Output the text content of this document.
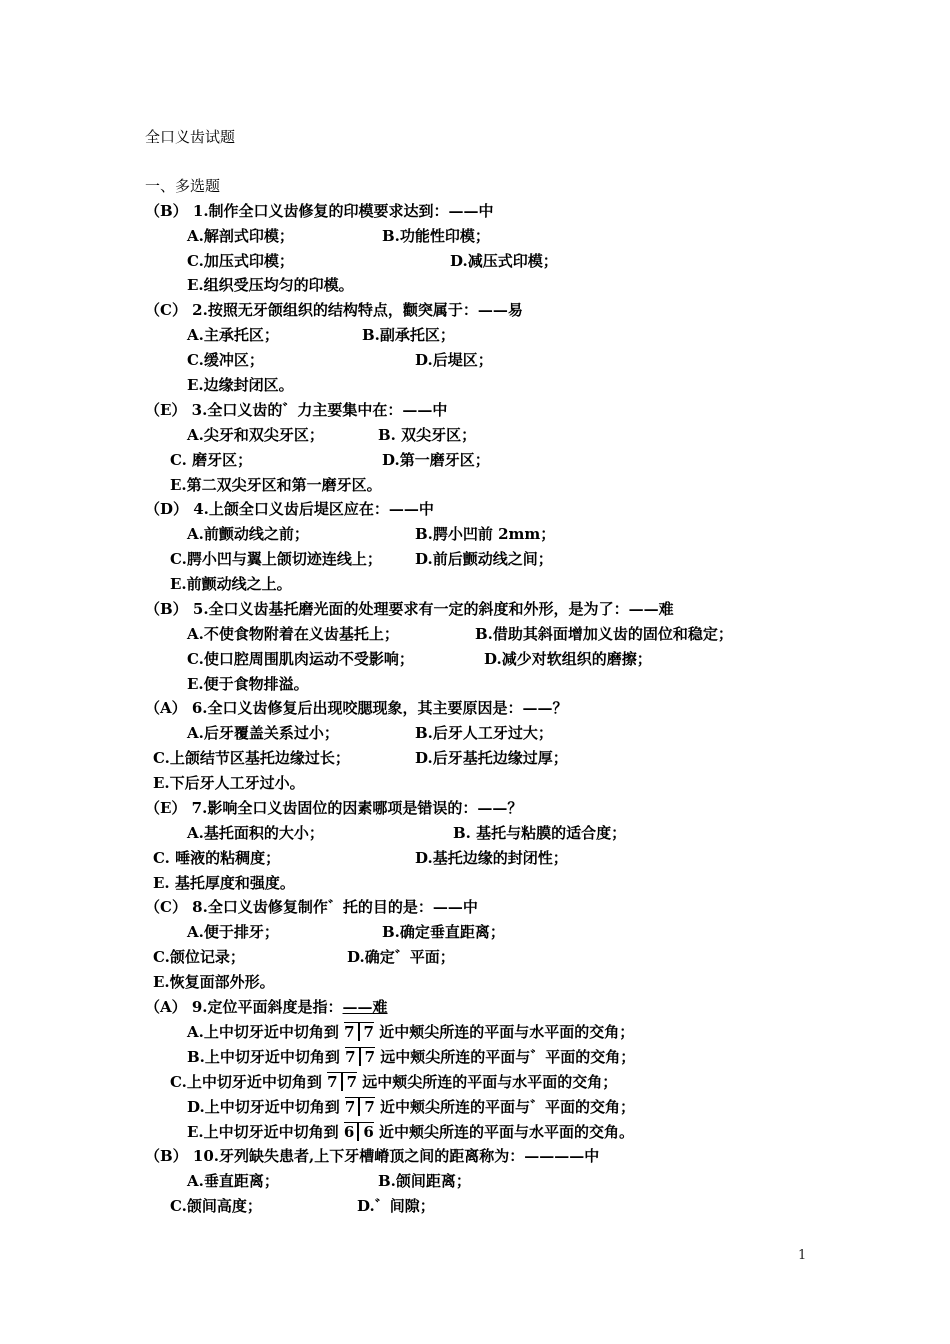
全口义齿试题
一、多选题
（B） 1.制作全口义齿修复的印模要求达到：——中
A.解剖式印模；	B.功能性印模；
C.加压式印模；	D.减压式印模；
E.组织受压均匀的印模。
（C） 2.按照无牙颌组织的结构特点，颧突属于：——易
A.主承托区；	B.副承托区；
C.缓冲区；	D.后堤区；
E.边缘封闭区。
（E） 3.全口义齿的゛力主要集中在：——中
A.尖牙和双尖牙区；	B. 双尖牙区；
C. 磨牙区；	D.第一磨牙区；
E.第二双尖牙区和第一磨牙区。
（D） 4.上颌全口义齿后堤区应在：——中
A.前颤动线之前；	B.腭小凹前 2mm；
C.腭小凹与翼上颌切迹连线上； D.前后颤动线之间；
E.前颤动线之上。
（B） 5.全口义齿基托磨光面的处理要求有一定的斜度和外形，是为了：——难
A.不使食物附着在义齿基托上；	B.借助其斜面增加义齿的固位和稳定；
C.使口腔周围肌肉运动不受影响；	D.减少对软组织的磨擦；
E.便于食物排溢。
（A） 6.全口义齿修复后出现咬腮现象，其主要原因是：——？
A.后牙覆盖关系过小；	B.后牙人工牙过大；
C.上颌结节区基托边缘过长；	D.后牙基托边缘过厚；
E.下后牙人工牙过小。
（E） 7.影响全口义齿固位的因素哪项是错误的：——？
A.基托面积的大小；	B. 基托与粘膜的适合度；
C. 唾液的粘稠度；	D.基托边缘的封闭性；
E. 基托厚度和强度。
（C） 8.全口义齿修复制作゛托的目的是：——中
A.便于排牙；	B.确定垂直距离；
C.颌位记录；	D.确定゛平面；
E.恢复面部外形。
（A） 9.定位平面斜度是指：——难
A.上中切牙近中切角到 7 7 近中颊尖所连的平面与水平面的交角；
B.上中切牙近中切角到 7 7 远中颊尖所连的平面与゛平面的交角；
C.上中切牙近中切角到 7 7 远中颊尖所连的平面与水平面的交角；
D.上中切牙近中切角到 7 7 近中颊尖所连的平面与゛平面的交角；
E.上中切牙近中切角到 6 6 近中颊尖所连的平面与水平面的交角。
（B） 10.牙列缺失患者,上下牙槽嵴顶之间的距离称为：————中
A.垂直距离；	B.颌间距离；
C.颌间高度；	D.゛间隙；
1
